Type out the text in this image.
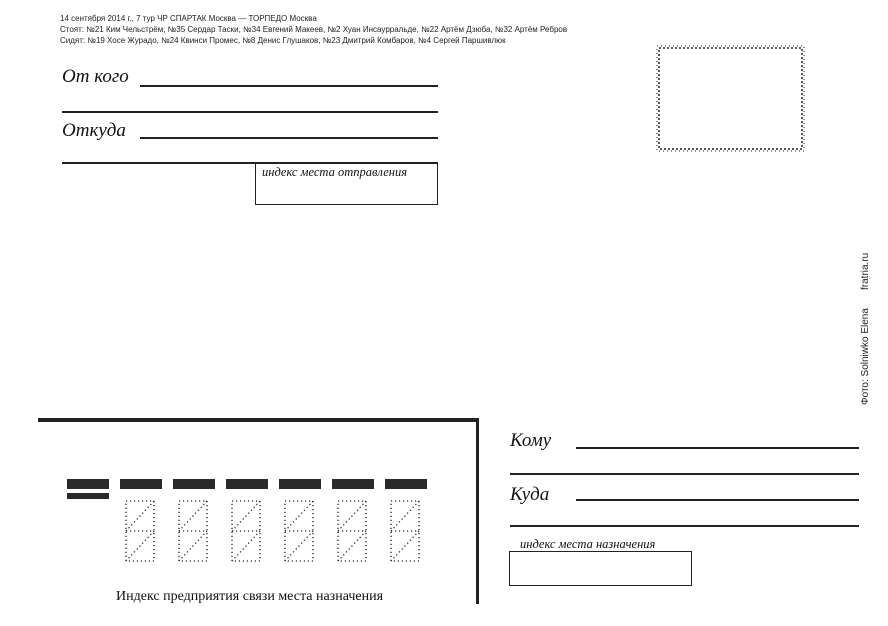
14 сентября 2014 г., 7 тур ЧР СПАРТАК Москва — ТОРПЕДО Москва
Стоят: №21 Ким Чельстрём, №35 Сердар Таски, №34 Евгений Макеев, №2 Хуан Инсаурральде, №22 Артём Дзюба, №32 Артём Ребров
Сидят: №19 Хосе Журадо, №24 Квинси Промес, №8 Денис Глушаков, №23 Дмитрий Комбаров, №4 Сергей Паршивлюк
От кого
Откуда
индекс места отправления
Фото: Solniwko Elena
fratria.ru
Индекс предприятия связи места назначения
Кому
Куда
индекс места назначения
